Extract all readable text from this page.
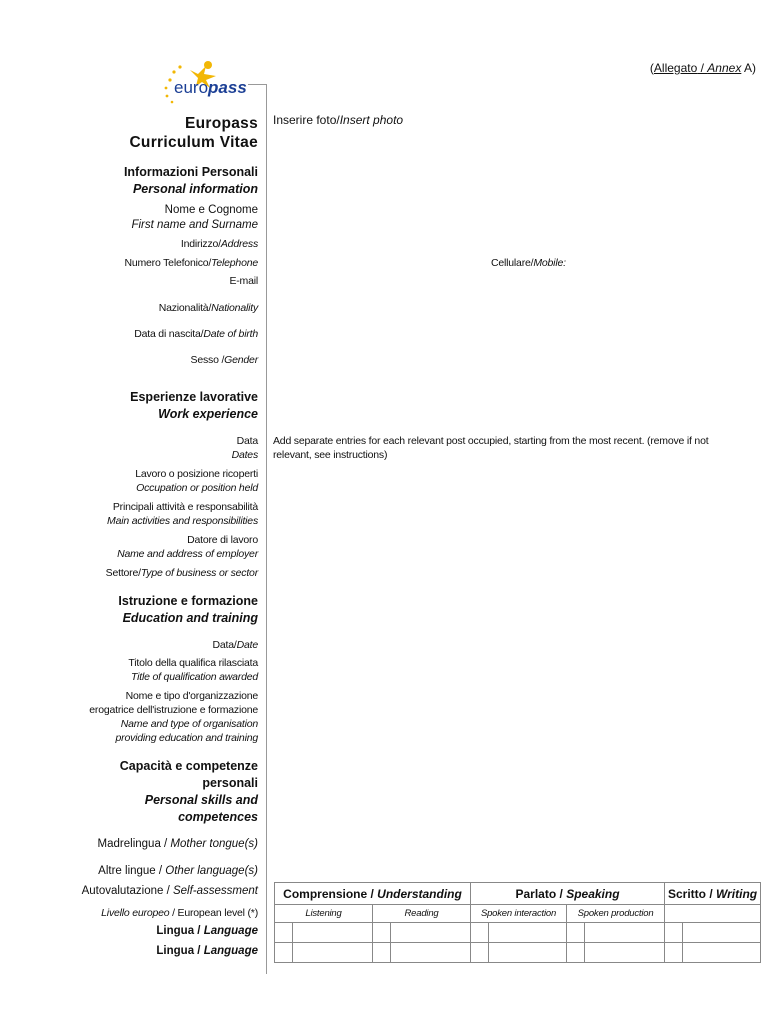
(Allegato / Annex A)
europass
Europass
Curriculum Vitae
Inserire foto/Insert photo
Informazioni Personali
Personal information
Nome e Cognome
First name and Surname
Indirizzo/Address
Numero Telefonico/Telephone	Cellulare/Mobile:
E-mail
Nazionalità/Nationality
Data di nascita/Date of birth
Sesso /Gender
Esperienze lavorative
Work experience
Data
Dates
Add separate entries for each relevant post occupied, starting from the most recent. (remove if not
relevant, see instructions)
Lavoro o posizione ricoperti
Occupation or position held
Principali attività e responsabilità
Main activities and responsibilities
Datore di lavoro
Name and address of employer
Settore/Type of business or sector
Istruzione e formazione
Education and training
Data/Date
Titolo della qualifica rilasciata
Title of qualification awarded
Nome e tipo d'organizzazione
erogatrice dell'istruzione e formazione
Name and type of organisation
providing education and training
Capacità e competenze
personali
Personal skills and
competences
Madrelingua / Mother tongue(s)
Altre lingue / Other language(s)
Autovalutazione / Self-assessment
Livello europeo / European level (*)
Lingua / Language
Lingua / Language
Comprensione / Understanding				Parlato / Speaking				Scritto / Writing	
Listening		Reading		Spoken interaction		Spoken production			
